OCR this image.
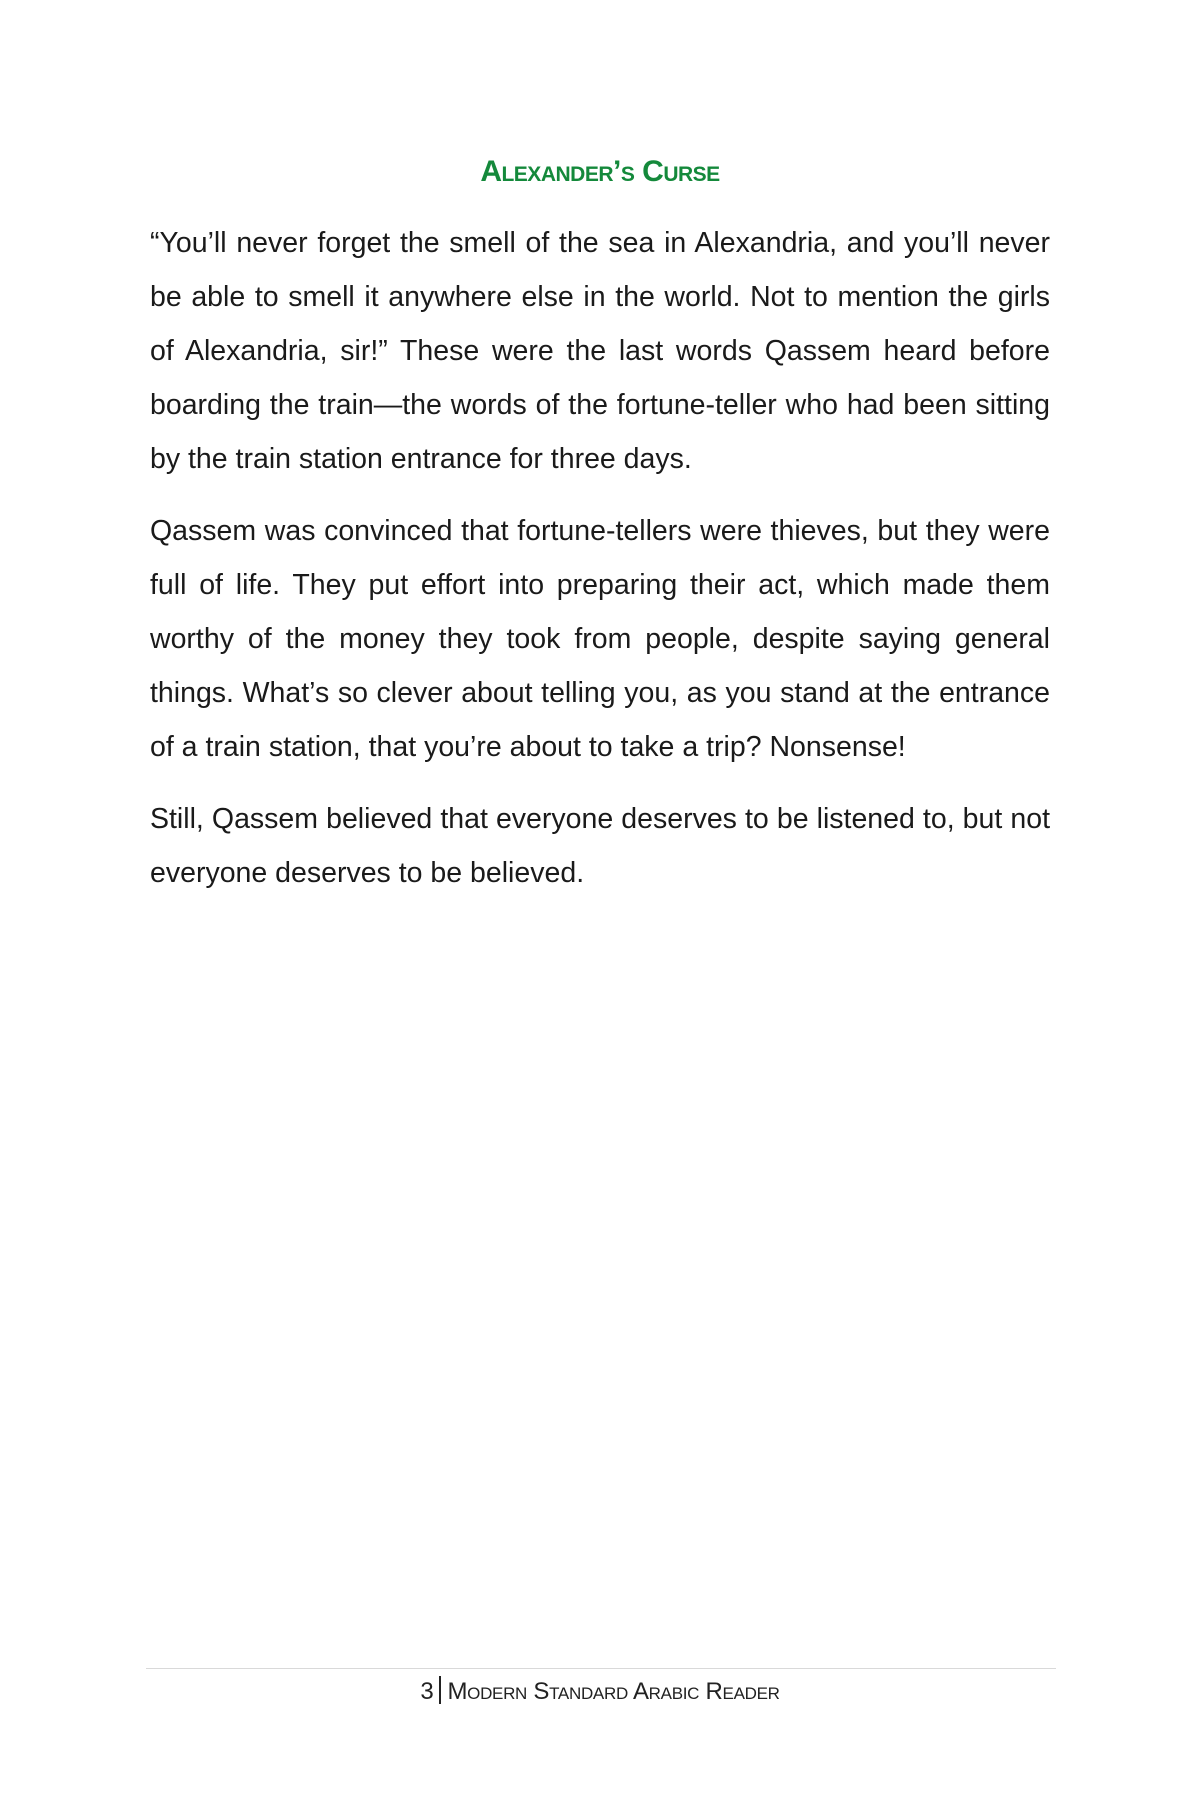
Alexander’s Curse

“You’ll never forget the smell of the sea in Alexandria, and you’ll never be able to smell it anywhere else in the world. Not to mention the girls of Alexandria, sir!” These were the last words Qassem heard before boarding the train—the words of the fortune-teller who had been sitting by the train station entrance for three days.

Qassem was convinced that fortune-tellers were thieves, but they were full of life. They put effort into preparing their act, which made them worthy of the money they took from people, despite saying general things. What’s so clever about telling you, as you stand at the entrance of a train station, that you’re about to take a trip? Nonsense!

Still, Qassem believed that everyone deserves to be listened to, but not everyone deserves to be believed.

3 Modern Standard Arabic Reader
